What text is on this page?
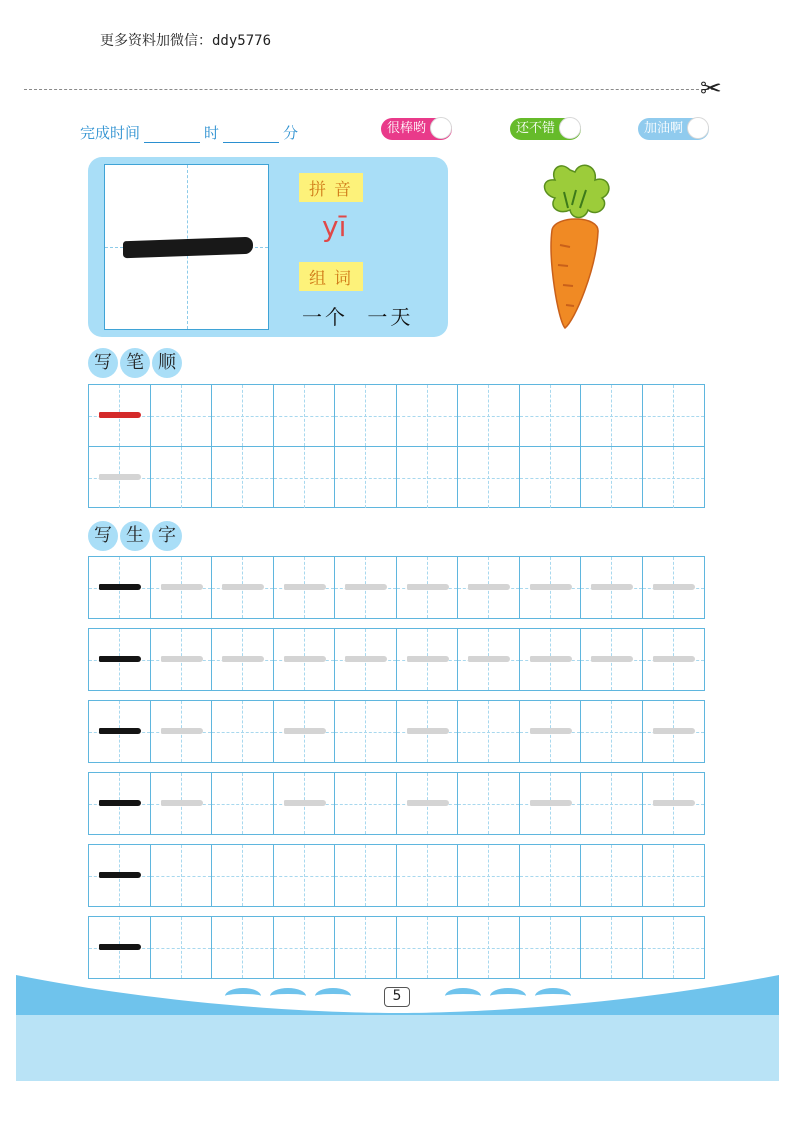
更多资料加微信：ddy5776
✂
完成时间	时	分	很棒哟	还不错	加油啊
拼音
yī
组词
一个 一天
写 笔 顺
写 生 字
5
